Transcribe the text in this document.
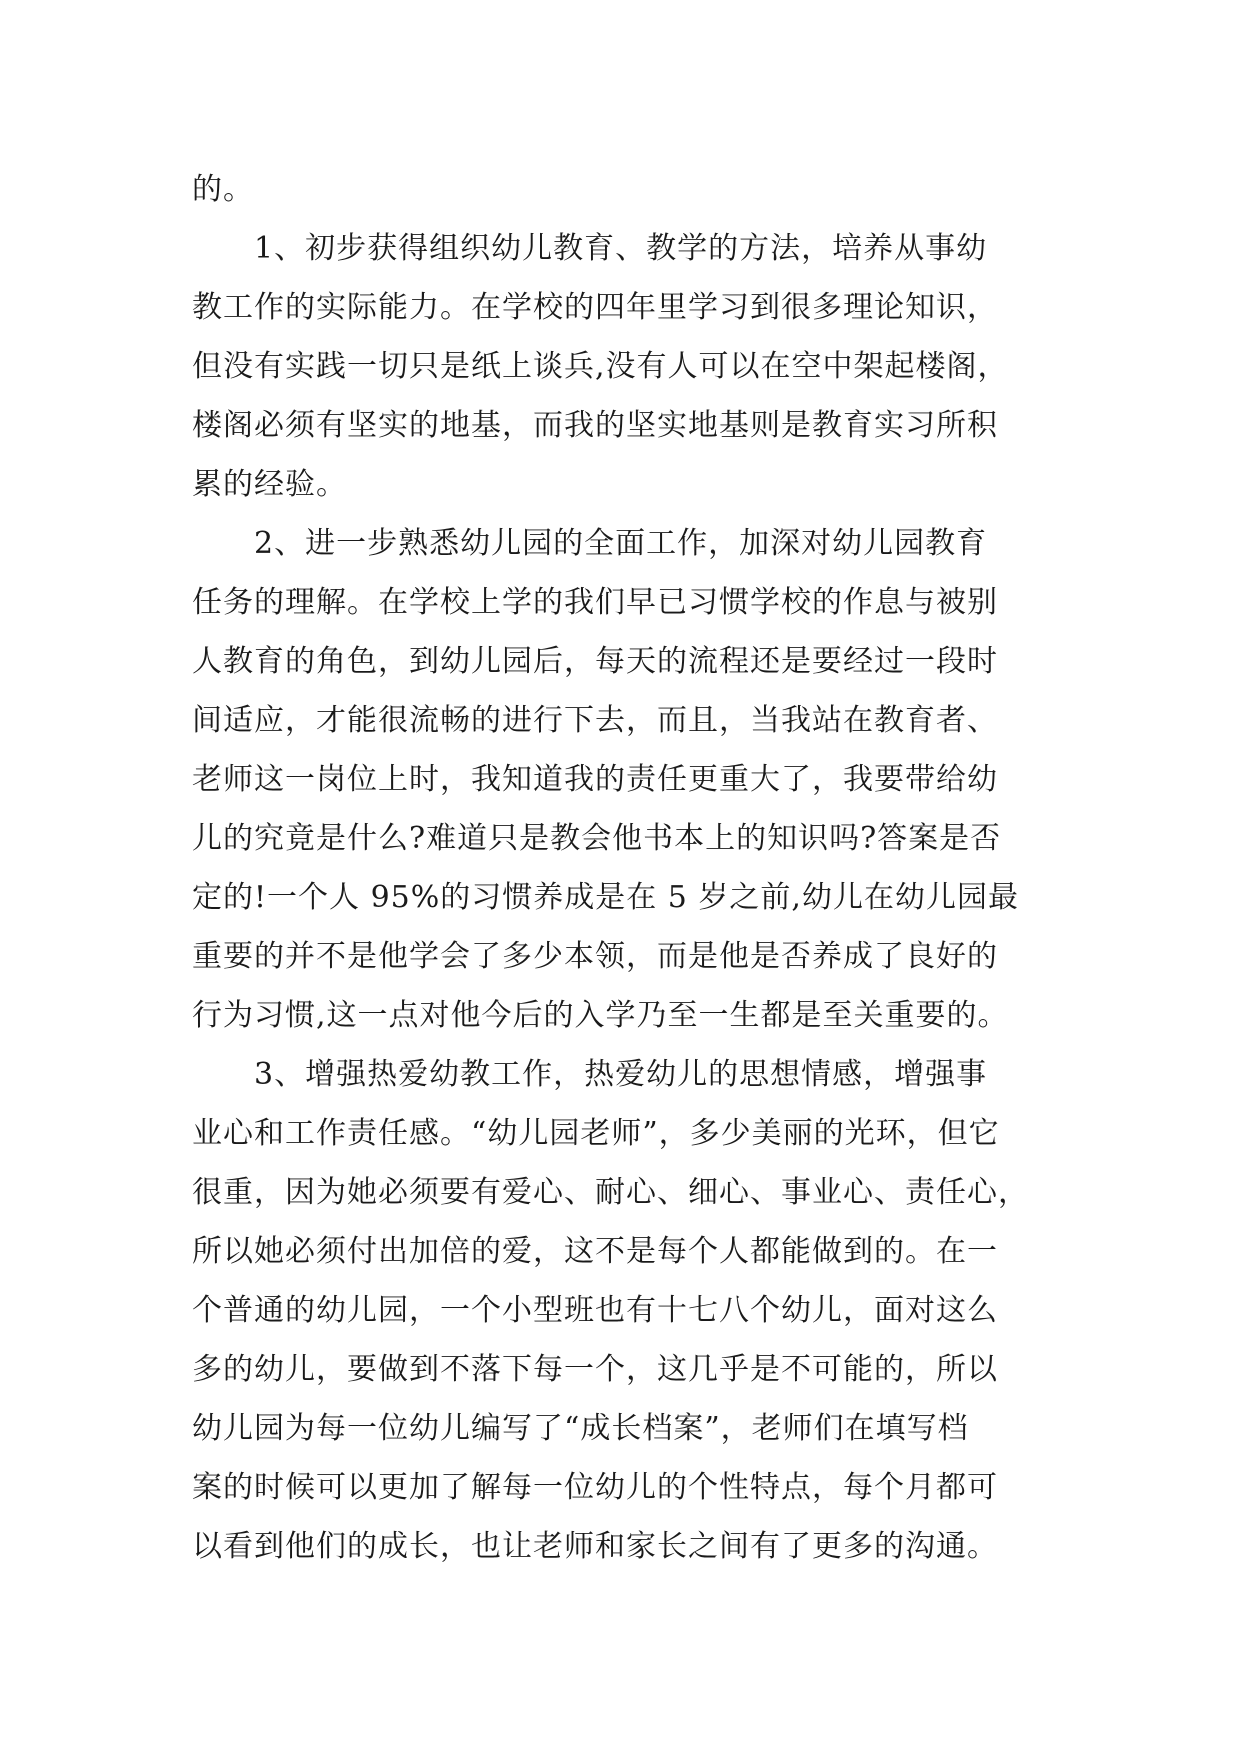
的。
　　1、初步获得组织幼儿教育、教学的方法，培养从事幼
教工作的实际能力。在学校的四年里学习到很多理论知识，
但没有实践一切只是纸上谈兵,没有人可以在空中架起楼阁，
楼阁必须有坚实的地基，而我的坚实地基则是教育实习所积
累的经验。
　　2、进一步熟悉幼儿园的全面工作，加深对幼儿园教育
任务的理解。在学校上学的我们早已习惯学校的作息与被别
人教育的角色，到幼儿园后，每天的流程还是要经过一段时
间适应，才能很流畅的进行下去，而且，当我站在教育者、
老师这一岗位上时，我知道我的责任更重大了，我要带给幼
儿的究竟是什么?难道只是教会他书本上的知识吗?答案是否
定的!一个人 95%的习惯养成是在 5 岁之前,幼儿在幼儿园最
重要的并不是他学会了多少本领，而是他是否养成了良好的
行为习惯,这一点对他今后的入学乃至一生都是至关重要的。
　　3、增强热爱幼教工作，热爱幼儿的思想情感，增强事
业心和工作责任感。“幼儿园老师”，多少美丽的光环，但它
很重，因为她必须要有爱心、耐心、细心、事业心、责任心，
所以她必须付出加倍的爱，这不是每个人都能做到的。在一
个普通的幼儿园，一个小型班也有十七八个幼儿，面对这么
多的幼儿，要做到不落下每一个，这几乎是不可能的，所以
幼儿园为每一位幼儿编写了“成长档案”，老师们在填写档
案的时候可以更加了解每一位幼儿的个性特点，每个月都可
以看到他们的成长，也让老师和家长之间有了更多的沟通。
